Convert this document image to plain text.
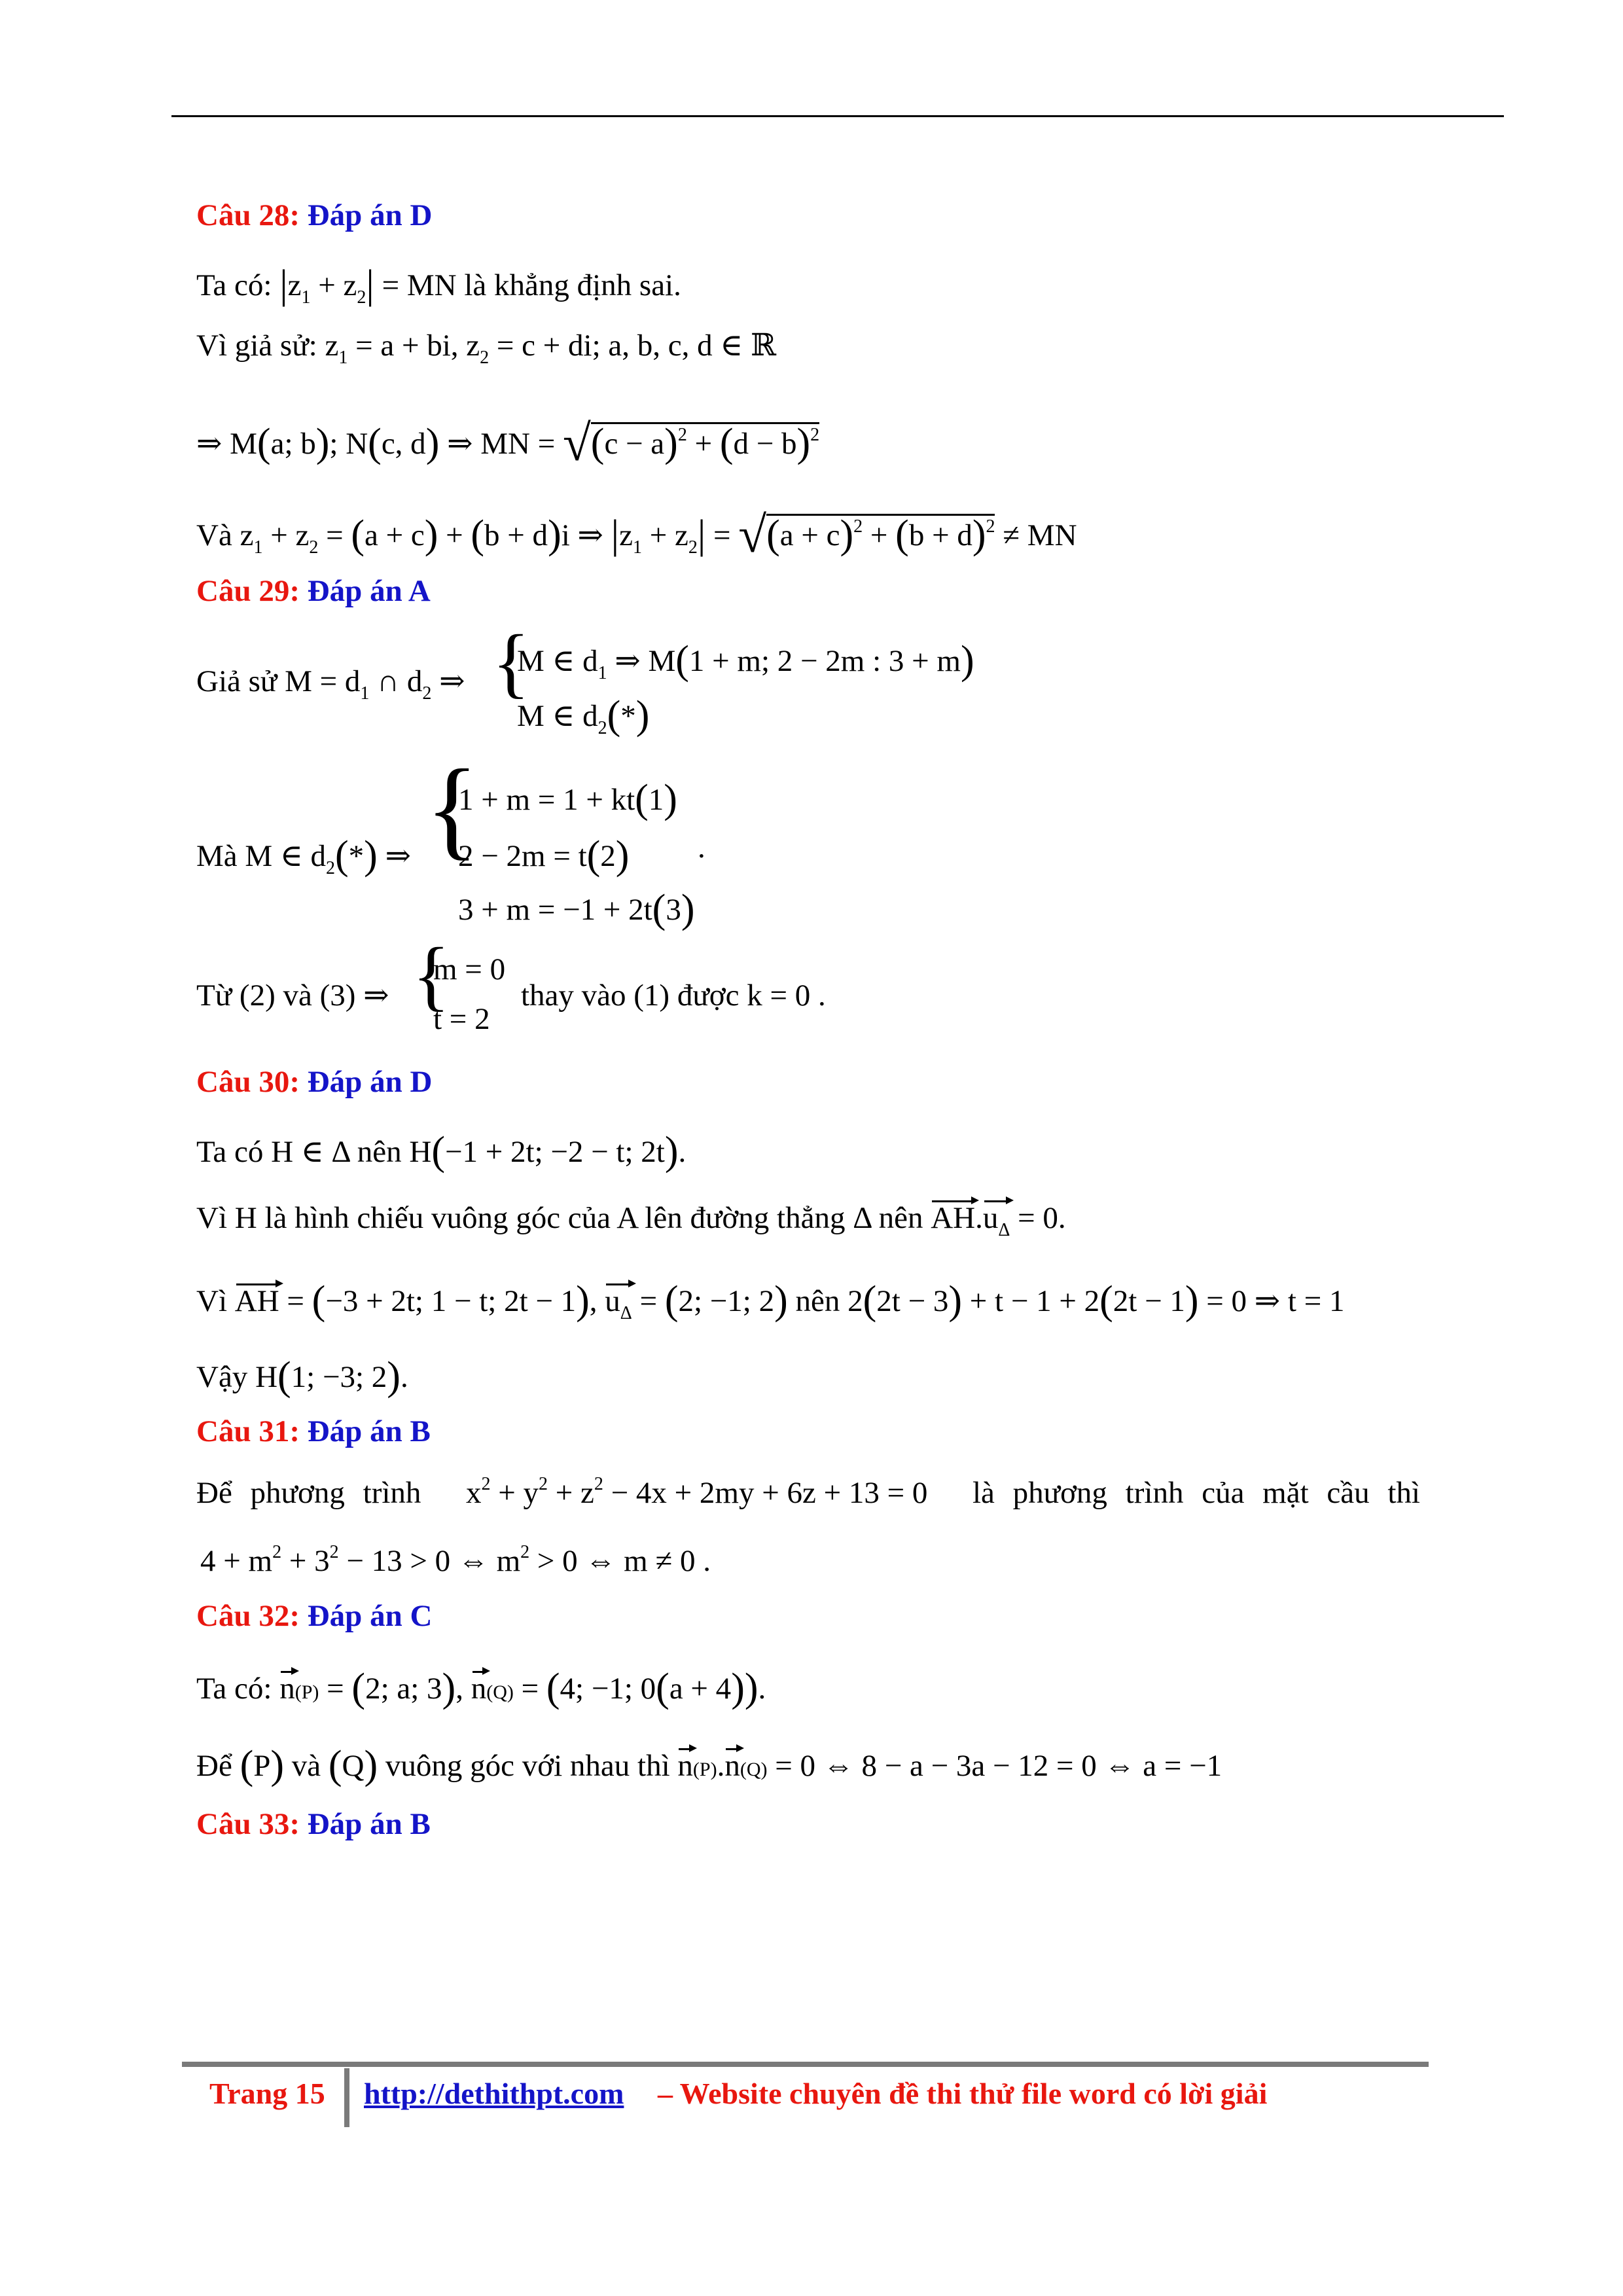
Câu 28: Đáp án D
Ta có: $|z_1 + z_2|$ = MN là khẳng định sai.
Vì giả sử: $z_1 = a$ + bi, $z_2 = c$ + di; a, b, c, d ∈ ℝ
⇒ M(a; b); N(c, d) ⇒ MN = $√(c - a)^2 + (d - b)^2$
Và $z_1 + z_2 = (a + c) + (b + d)i$ ⇒ $|z_1 + z_2| = √(a + c)^2 + (b + d)^2$ ≠ MN
Câu 29: Đáp án A
Giả sử $M = d_1$ ∩ $d_2$ ⇒ {
M ∈ $d_1$ ⇒ M(1 + m; 2 − 2m : 3 + m)
M ∈ $d_2(*)$
Mà M ∈ $d_2(*)$ ⇒ {
1 + m = 1 + kt(1)
2 − 2m = t(2) .
3 + m = −1 + 2t(3)
Từ (2) và (3) ⇒ {
m = 0
t = 2
thay vào (1) được k = 0 .
Câu 30: Đáp án D
Ta có H ∈ Δ nên H(−1 + 2t; −2 − t; 2t).
Vì H là hình chiếu vuông góc của A lên đường thẳng Δ nên $AH.u_\Delta = 0$.
Vì AH = (−3 + 2t; 1 − t; 2t − 1), $u_\Delta = (2$; −1; 2) nên 2(2t − 3) + t − 1 + 2(2t − 1) = 0 ⇒ t = 1
Vậy H(1; −3; 2).
Câu 31: Đáp án B
Để phương trình $x^2 + y^2 + z^2 - 4x + 2my + 6z + 13 = 0$ là phương trình của mặt cầu thì
$4 + m^2 + 3^2 - 13 > 0$ ⇔ $m^2 > 0$ ⇔ m ≠ 0 .
Câu 32: Đáp án C
Ta có: n(P) = (2; a; 3), n(Q) = (4; −1; 0(a + 4)).
Để (P) và (Q) vuông góc với nhau thì n(P).n(Q) = 0 ⇔ 8 − a − 3a − 12 = 0 ⇔ a = −1
Câu 33: Đáp án B
Trang 15 http://dethithpt.com – Website chuyên đề thi thử file word có lời giải
